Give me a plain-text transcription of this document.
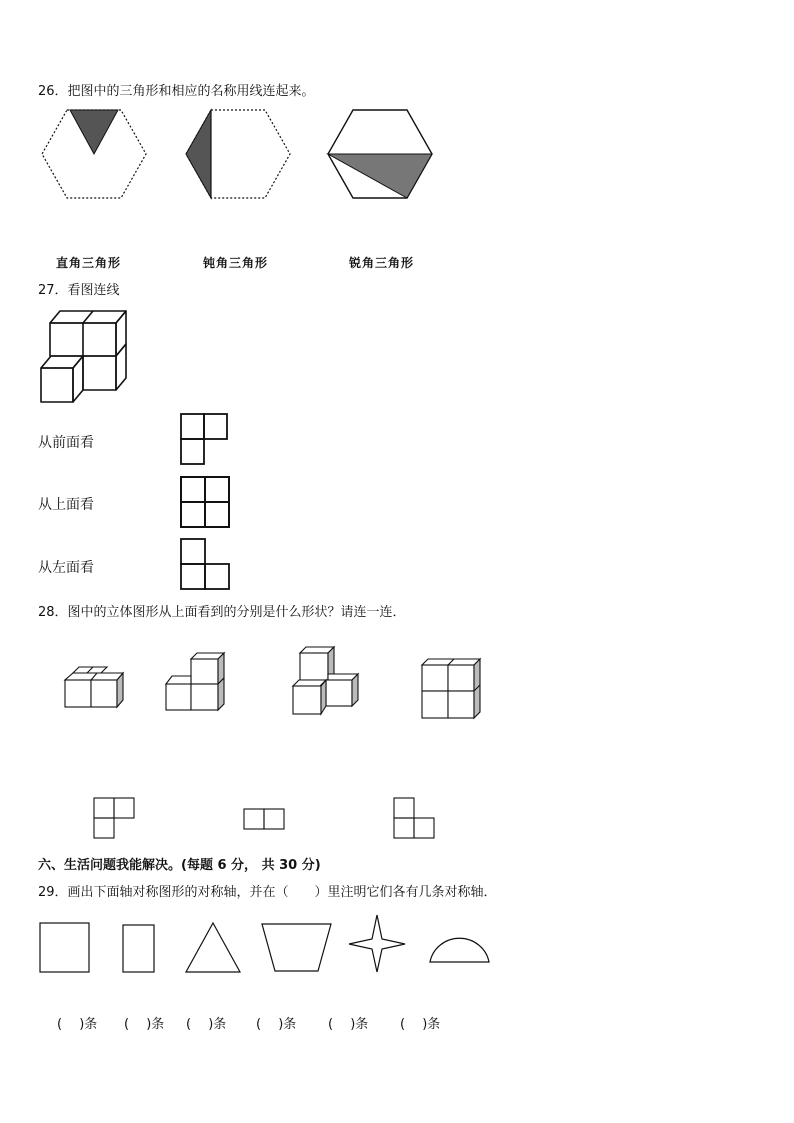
26．把图中的三角形和相应的名称用线连起来。
直角三角形	钝角三角形	锐角三角形
27．看图连线
从前面看
从上面看
从左面看
28．图中的立体图形从上面看到的分别是什么形状？请连一连．
六、生活问题我能解决。(每题 6 分， 共 30 分)
29．画出下面轴对称图形的对称轴，并在（　　）里注明它们各有几条对称轴．
(　 )条 (　 )条 (　 )条 (　 )条 (　 )条 (　 )条
